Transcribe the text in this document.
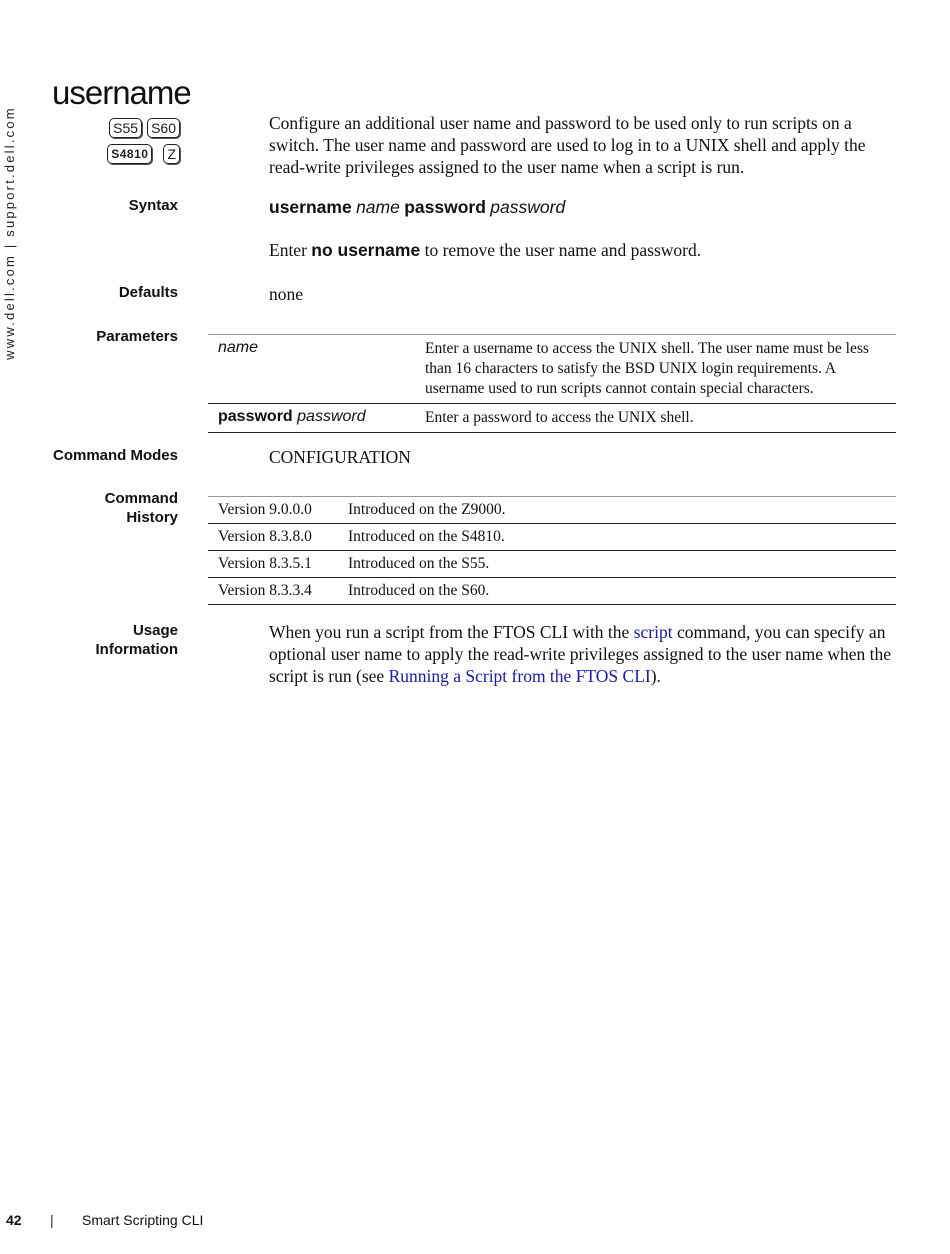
www.dell.com | support.dell.com
username
S55 S60
S4810 Z
Configure an additional user name and password to be used only to run scripts on a switch. The user name and password are used to log in to a UNIX shell and apply the read-write privileges assigned to the user name when a script is run.
Syntax	username name password password
Enter no username to remove the user name and password.
Defaults	none
Parameters
name	Enter a username to access the UNIX shell. The user name must be less than 16 characters to satisfy the BSD UNIX login requirements. A username used to run scripts cannot contain special characters.
password password	Enter a password to access the UNIX shell.
Command Modes	CONFIGURATION
Command
History	Version 9.0.0.0	Introduced on the Z9000.
Version 8.3.8.0	Introduced on the S4810.
Version 8.3.5.1	Introduced on the S55.
Version 8.3.3.4	Introduced on the S60.
Usage
Information
When you run a script from the FTOS CLI with the script command, you can specify an optional user name to apply the read-write privileges assigned to the user name when the script is run (see Running a Script from the FTOS CLI).
42	|	Smart Scripting CLI
